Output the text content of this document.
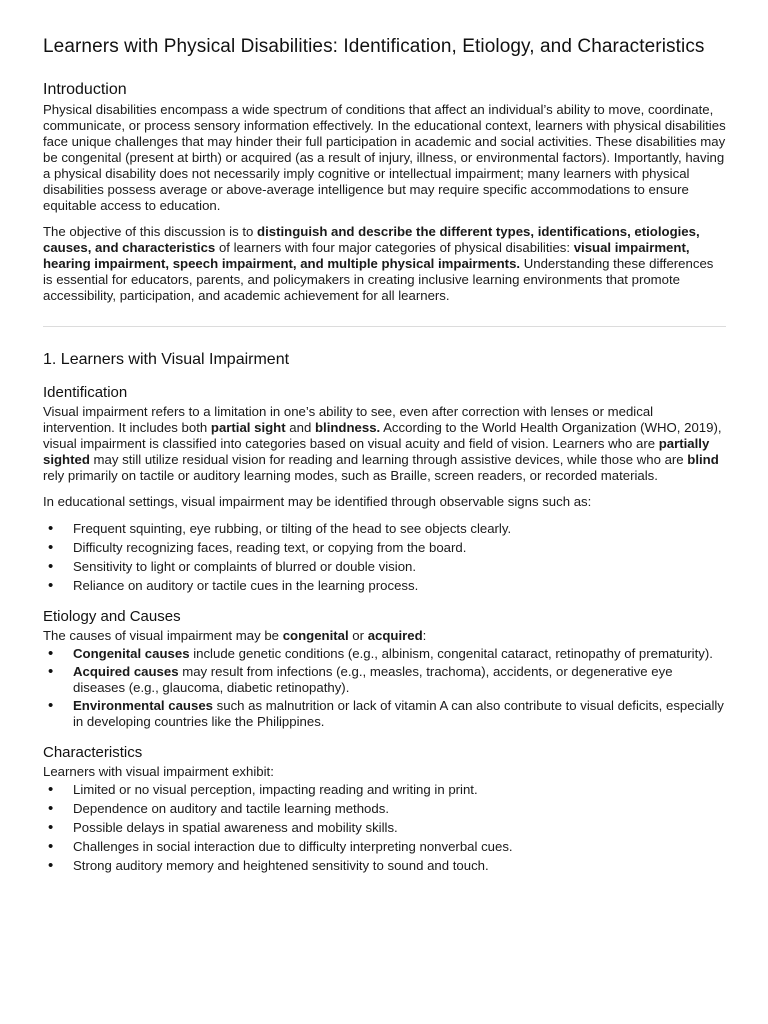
Learners with Physical Disabilities: Identification, Etiology, and Characteristics
Introduction

Physical disabilities encompass a wide spectrum of conditions that affect an individual’s ability to move, coordinate, communicate, or process sensory information effectively. In the educational context, learners with physical disabilities face unique challenges that may hinder their full participation in academic and social activities. These disabilities may be congenital (present at birth) or acquired (as a result of injury, illness, or environmental factors). Importantly, having a physical disability does not necessarily imply cognitive or intellectual impairment; many learners with physical disabilities possess average or above-average intelligence but may require specific accommodations to ensure equitable access to education.

The objective of this discussion is to distinguish and describe the different types, identifications, etiologies, causes, and characteristics of learners with four major categories of physical disabilities: visual impairment, hearing impairment, speech impairment, and multiple physical impairments. Understanding these differences is essential for educators, parents, and policymakers in creating inclusive learning environments that promote accessibility, participation, and academic achievement for all learners.

1. Learners with Visual Impairment
Identification

Visual impairment refers to a limitation in one’s ability to see, even after correction with lenses or medical intervention. It includes both partial sight and blindness. According to the World Health Organization (WHO, 2019), visual impairment is classified into categories based on visual acuity and field of vision. Learners who are partially sighted may still utilize residual vision for reading and learning through assistive devices, while those who are blind rely primarily on tactile or auditory learning modes, such as Braille, screen readers, or recorded materials.

In educational settings, visual impairment may be identified through observable signs such as:

• Frequent squinting, eye rubbing, or tilting of the head to see objects clearly.
• Difficulty recognizing faces, reading text, or copying from the board.
• Sensitivity to light or complaints of blurred or double vision.
• Reliance on auditory or tactile cues in the learning process.
Etiology and Causes

The causes of visual impairment may be congenital or acquired:

• Congenital causes include genetic conditions (e.g., albinism, congenital cataract, retinopathy of prematurity).
• Acquired causes may result from infections (e.g., measles, trachoma), accidents, or degenerative eye diseases (e.g., glaucoma, diabetic retinopathy).
• Environmental causes such as malnutrition or lack of vitamin A can also contribute to visual deficits, especially in developing countries like the Philippines.
Characteristics

Learners with visual impairment exhibit:

• Limited or no visual perception, impacting reading and writing in print.
• Dependence on auditory and tactile learning methods.
• Possible delays in spatial awareness and mobility skills.
• Challenges in social interaction due to difficulty interpreting nonverbal cues.
• Strong auditory memory and heightened sensitivity to sound and touch.
